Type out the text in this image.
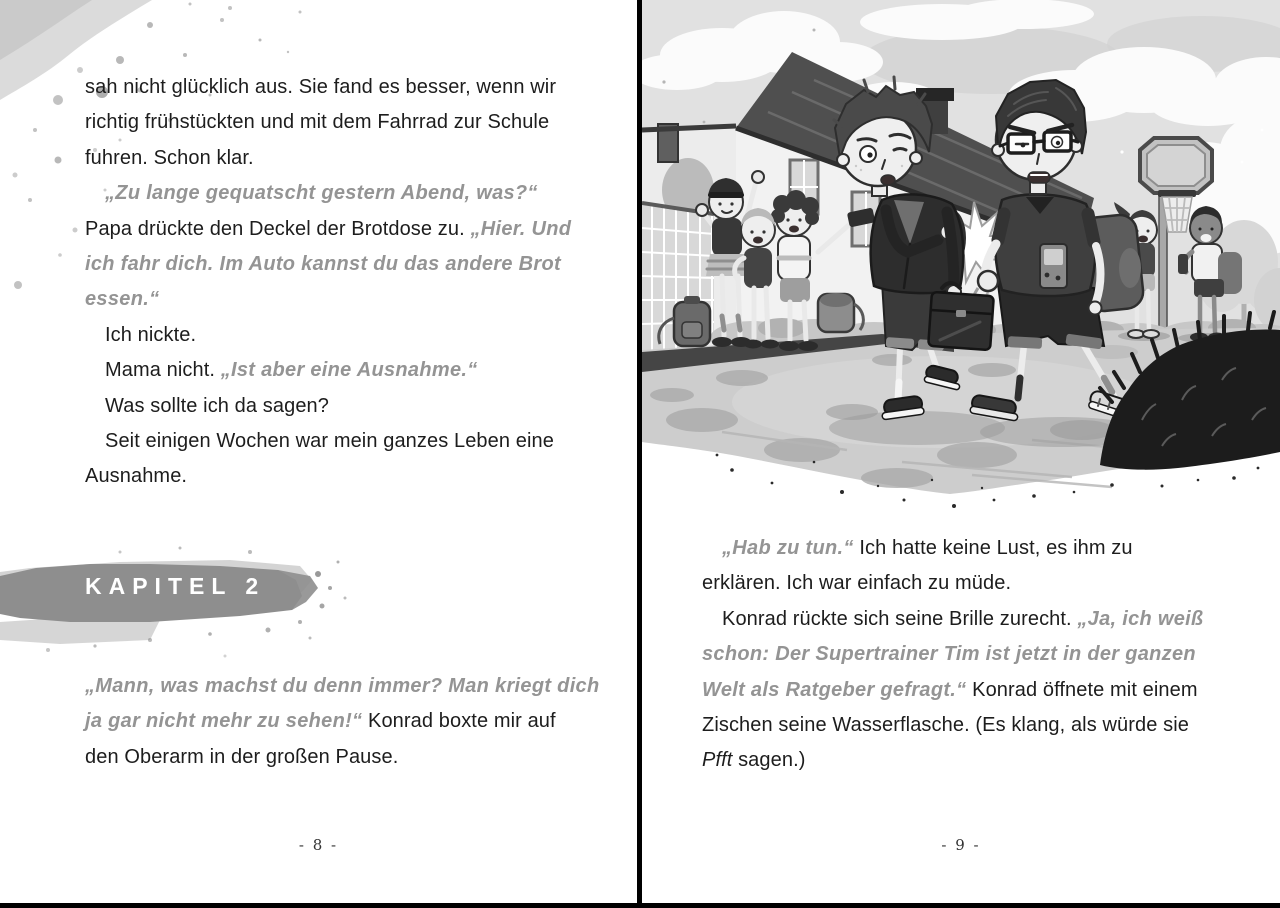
sah nicht glücklich aus. Sie fand es besser, wenn wir
richtig frühstückten und mit dem Fahrrad zur Schule
fuhren. Schon klar.
„Zu lange gequatscht gestern Abend, was?“
Papa drückte den Deckel der Brotdose zu. „Hier. Und
ich fahr dich. Im Auto kannst du das andere Brot
essen.“
Ich nickte.
Mama nicht. „Ist aber eine Ausnahme.“
Was sollte ich da sagen?
Seit einigen Wochen war mein ganzes Leben eine
Ausnahme.
KAPITEL 2
„Mann, was machst du denn immer? Man kriegt dich
ja gar nicht mehr zu sehen!“ Konrad boxte mir auf
den Oberarm in der großen Pause.
- 8 -
„Hab zu tun.“ Ich hatte keine Lust, es ihm zu
erklären. Ich war einfach zu müde.
Konrad rückte sich seine Brille zurecht. „Ja, ich weiß
schon: Der Supertrainer Tim ist jetzt in der ganzen
Welt als Ratgeber gefragt.“ Konrad öffnete mit einem
Zischen seine Wasserflasche. (Es klang, als würde sie
Pfft sagen.)
- 9 -
